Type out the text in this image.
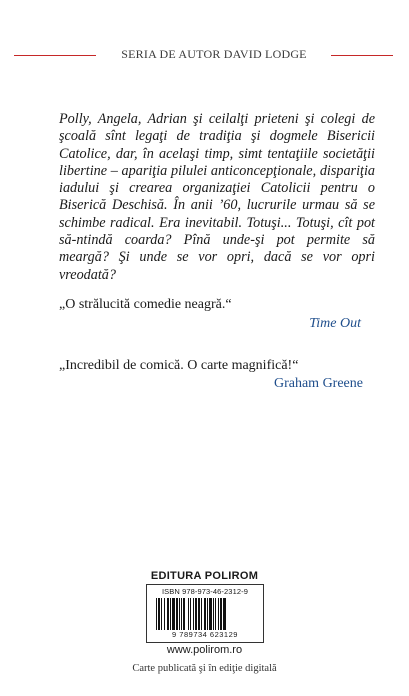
SERIA DE AUTOR DAVID LODGE
Polly, Angela, Adrian şi ceilalţi prieteni şi colegi de şcoală sînt legaţi de tradiţia şi dogmele Bisericii Catolice, dar, în acelaşi timp, simt tentaţiile societăţii libertine – apariţia pilulei anticoncepţionale, dispariţia iadului şi crearea organizaţiei Catolicii pentru o Biserică Deschisă. În anii ’60, lucrurile urmau să se schimbe radical. Era inevitabil. Totuşi... Totuşi, cît pot să-ntindă coarda? Pînă unde-şi pot permite să meargă? Şi unde se vor opri, dacă se vor opri vreodată?
„O strălucită comedie neagră.“
Time Out
„Incredibil de comică. O carte magnifică!“
Graham Greene
EDITURA POLIROM
ISBN 978-973-46-2312-9
9 789734 623129
www.polirom.ro
Carte publicată şi în ediţie digitală
